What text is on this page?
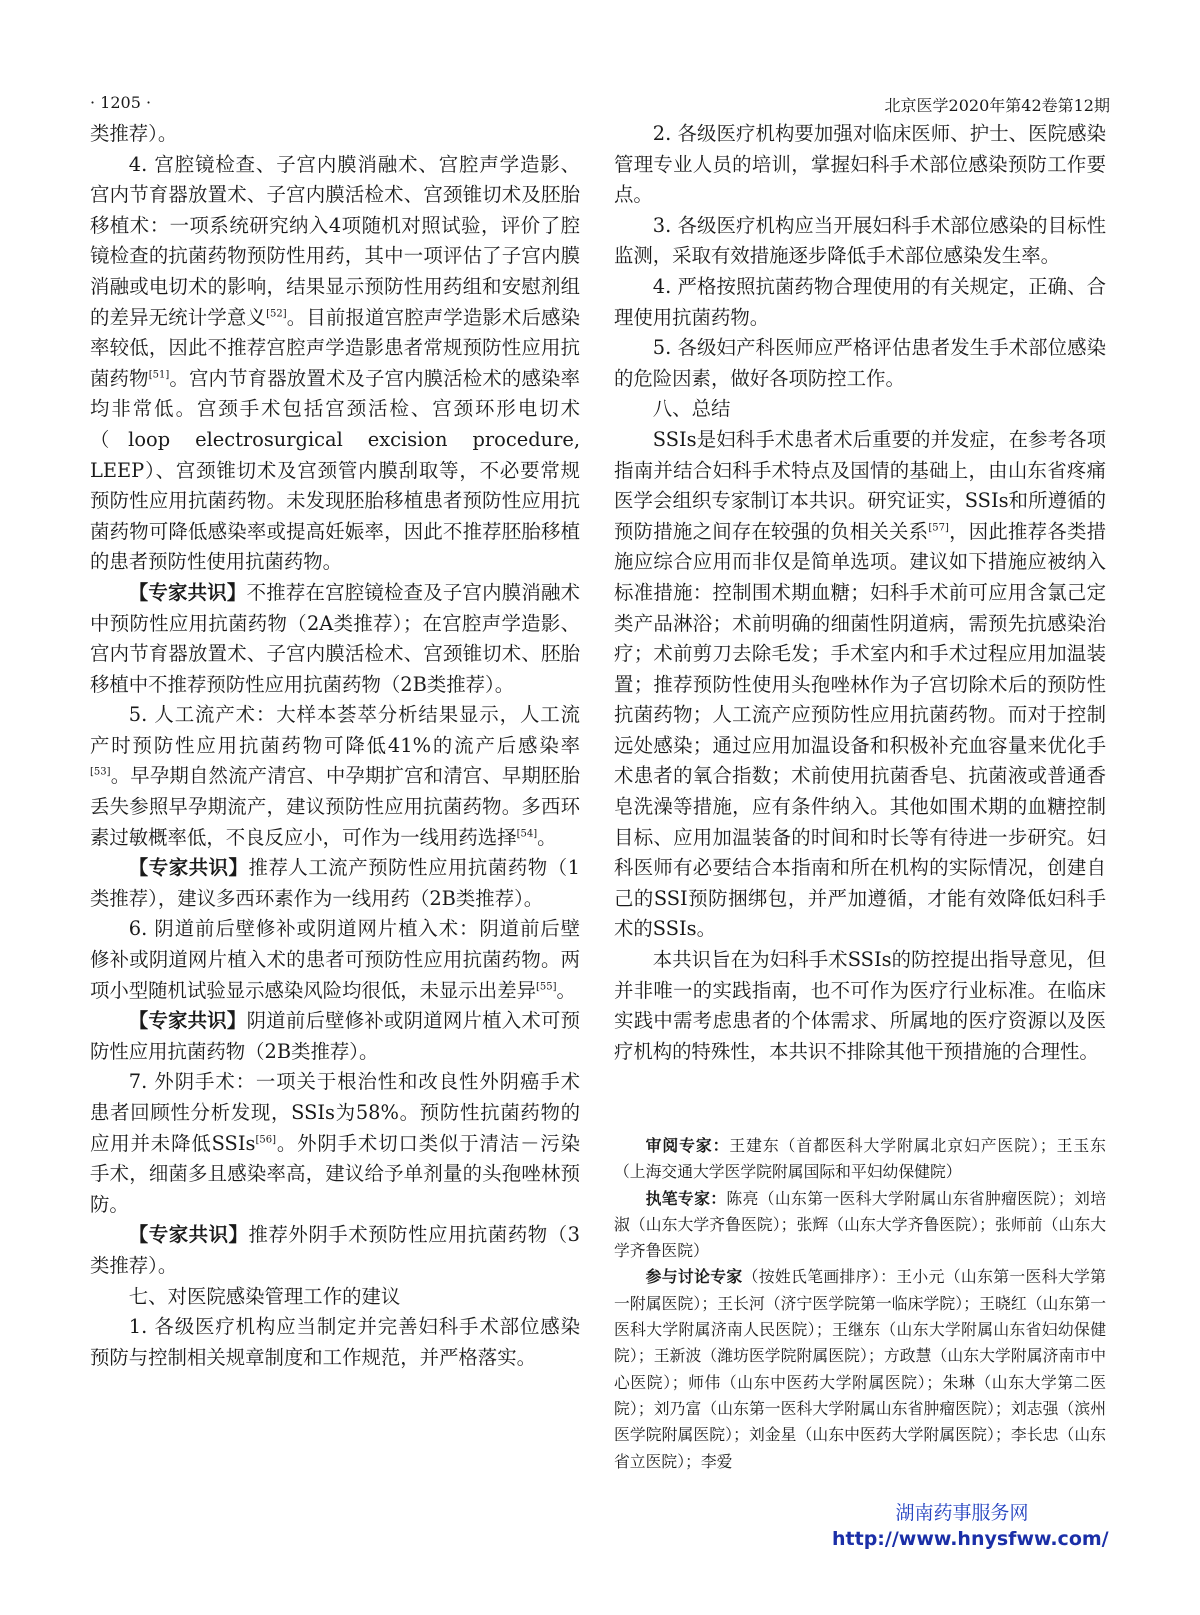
· 1205 ·	北京医学2020年第42卷第12期

类推荐）。

4. 宫腔镜检查、子宫内膜消融术、宫腔声学造影、宫内节育器放置术、子宫内膜活检术、宫颈锥切术及胚胎移植术：一项系统研究纳入4项随机对照试验，评价了腔镜检查的抗菌药物预防性用药，其中一项评估了子宫内膜消融或电切术的影响，结果显示预防性用药组和安慰剂组的差异无统计学意义[52]。目前报道宫腔声学造影术后感染率较低，因此不推荐宫腔声学造影患者常规预防性应用抗菌药物[51]。宫内节育器放置术及子宫内膜活检术的感染率均非常低。宫颈手术包括宫颈活检、宫颈环形电切术（loop electrosurgical excision procedure, LEEP）、宫颈锥切术及宫颈管内膜刮取等，不必要常规预防性应用抗菌药物。未发现胚胎移植患者预防性应用抗菌药物可降低感染率或提高妊娠率，因此不推荐胚胎移植的患者预防性使用抗菌药物。

【专家共识】不推荐在宫腔镜检查及子宫内膜消融术中预防性应用抗菌药物（2A类推荐）；在宫腔声学造影、宫内节育器放置术、子宫内膜活检术、宫颈锥切术、胚胎移植中不推荐预防性应用抗菌药物（2B类推荐）。

5. 人工流产术：大样本荟萃分析结果显示，人工流产时预防性应用抗菌药物可降低41%的流产后感染率[53]。早孕期自然流产清宫、中孕期扩宫和清宫、早期胚胎丢失参照早孕期流产，建议预防性应用抗菌药物。多西环素过敏概率低，不良反应小，可作为一线用药选择[54]。

【专家共识】推荐人工流产预防性应用抗菌药物（1类推荐），建议多西环素作为一线用药（2B类推荐）。

6. 阴道前后壁修补或阴道网片植入术：阴道前后壁修补或阴道网片植入术的患者可预防性应用抗菌药物。两项小型随机试验显示感染风险均很低，未显示出差异[55]。

【专家共识】阴道前后壁修补或阴道网片植入术可预防性应用抗菌药物（2B类推荐）。

7. 外阴手术：一项关于根治性和改良性外阴癌手术患者回顾性分析发现，SSIs为58%。预防性抗菌药物的应用并未降低SSIs[56]。外阴手术切口类似于清洁－污染手术，细菌多且感染率高，建议给予单剂量的头孢唑林预防。

【专家共识】推荐外阴手术预防性应用抗菌药物（3类推荐）。

七、对医院感染管理工作的建议

1. 各级医疗机构应当制定并完善妇科手术部位感染预防与控制相关规章制度和工作规范，并严格落实。

2. 各级医疗机构要加强对临床医师、护士、医院感染管理专业人员的培训，掌握妇科手术部位感染预防工作要点。

3. 各级医疗机构应当开展妇科手术部位感染的目标性监测，采取有效措施逐步降低手术部位感染发生率。

4. 严格按照抗菌药物合理使用的有关规定，正确、合理使用抗菌药物。

5. 各级妇产科医师应严格评估患者发生手术部位感染的危险因素，做好各项防控工作。

八、总结

SSIs是妇科手术患者术后重要的并发症，在参考各项指南并结合妇科手术特点及国情的基础上，由山东省疼痛医学会组织专家制订本共识。研究证实，SSIs和所遵循的预防措施之间存在较强的负相关关系[57]，因此推荐各类措施应综合应用而非仅是简单选项。建议如下措施应被纳入标准措施：控制围术期血糖；妇科手术前可应用含氯己定类产品淋浴；术前明确的细菌性阴道病，需预先抗感染治疗；术前剪刀去除毛发；手术室内和手术过程应用加温装置；推荐预防性使用头孢唑林作为子宫切除术后的预防性抗菌药物；人工流产应预防性应用抗菌药物。而对于控制远处感染；通过应用加温设备和积极补充血容量来优化手术患者的氧合指数；术前使用抗菌香皂、抗菌液或普通香皂洗澡等措施，应有条件纳入。其他如围术期的血糖控制目标、应用加温装备的时间和时长等有待进一步研究。妇科医师有必要结合本指南和所在机构的实际情况，创建自己的SSI预防捆绑包，并严加遵循，才能有效降低妇科手术的SSIs。

本共识旨在为妇科手术SSIs的防控提出指导意见，但并非唯一的实践指南，也不可作为医疗行业标准。在临床实践中需考虑患者的个体需求、所属地的医疗资源以及医疗机构的特殊性，本共识不排除其他干预措施的合理性。

审阅专家：王建东（首都医科大学附属北京妇产医院）；王玉东（上海交通大学医学院附属国际和平妇幼保健院）

执笔专家：陈亮（山东第一医科大学附属山东省肿瘤医院）；刘培淑（山东大学齐鲁医院）；张辉（山东大学齐鲁医院）；张师前（山东大学齐鲁医院）

参与讨论专家（按姓氏笔画排序）：王小元（山东第一医科大学第一附属医院）；王长河（济宁医学院第一临床学院）；王晓红（山东第一医科大学附属济南人民医院）；王继东（山东大学附属山东省妇幼保健院）；王新波（潍坊医学院附属医院）；方政慧（山东大学附属济南市中心医院）；师伟（山东中医药大学附属医院）；朱琳（山东大学第二医院）；刘乃富（山东第一医科大学附属山东省肿瘤医院）；刘志强（滨州医学院附属医院）；刘金星（山东中医药大学附属医院）；李长忠（山东省立医院）；李爱

湖南药事服务网
http://www.hnysfww.com/
